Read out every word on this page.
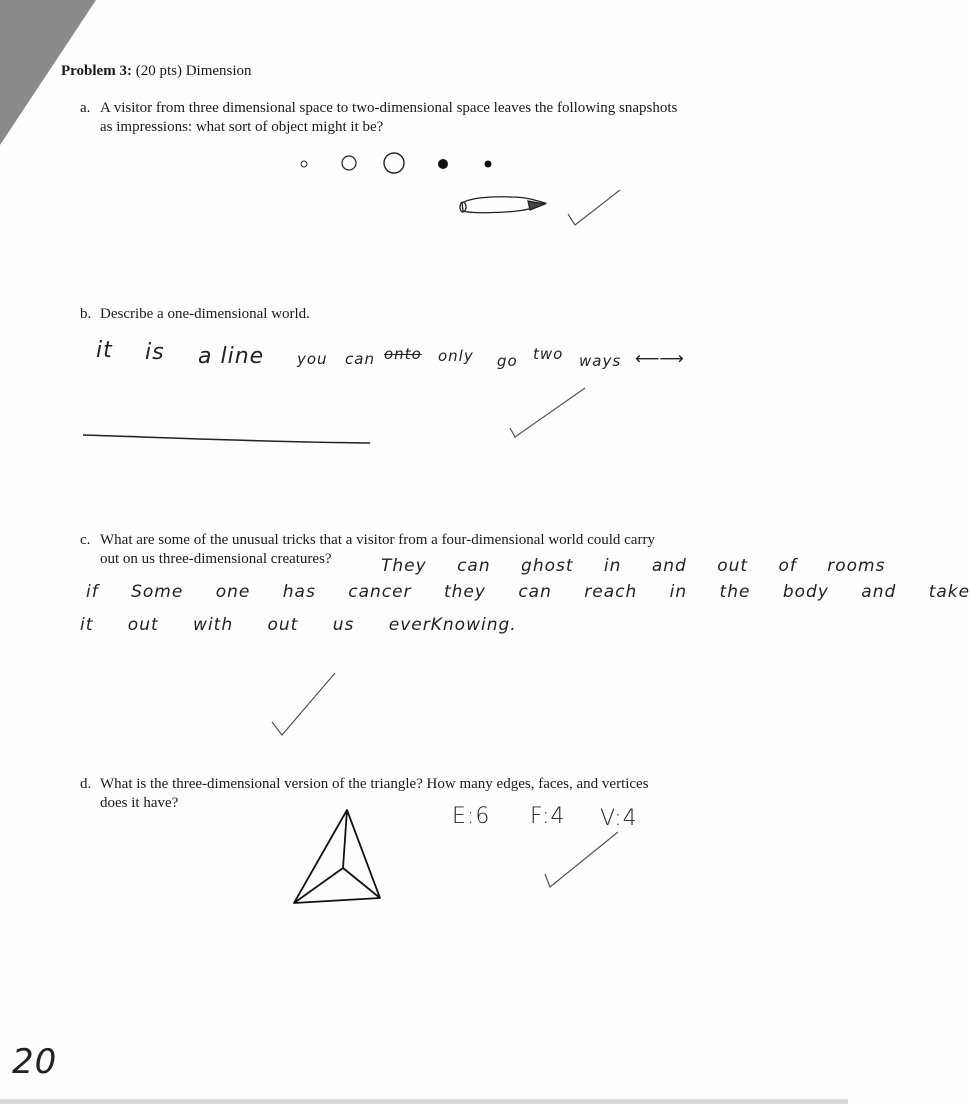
Problem 3: (20 pts) Dimension
a. A visitor from three dimensional space to two-dimensional space leaves the following snapshots
as impressions: what sort of object might it be?
b. Describe a one-dimensional world.
it is a line you can onto only go two ways ⟵⟶
c. What are some of the unusual tricks that a visitor from a four-dimensional world could carry
out on us three-dimensional creatures?	They can ghost in and out of rooms
if Some one has cancer they can reach in the body and take
it out with out us everKnowing.
d. What is the three-dimensional version of the triangle? How many edges, faces, and vertices
does it have?
E:6 F:4 V:4
20
